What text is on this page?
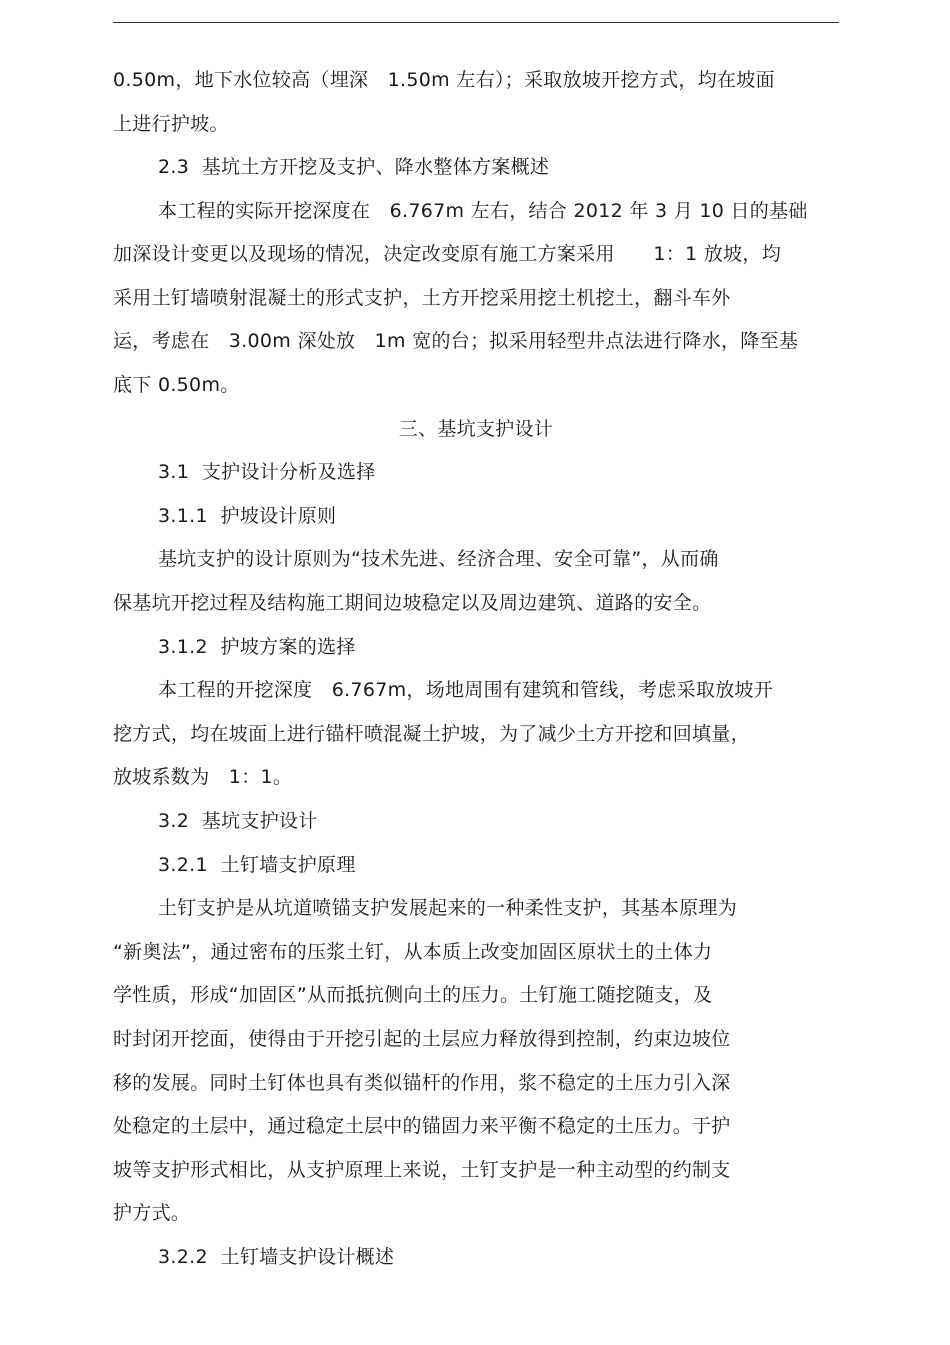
0.50m，地下水位较高（埋深　1.50m 左右）；采取放坡开挖方式，均在坡面
上进行护坡。
2.3  基坑土方开挖及支护、降水整体方案概述
本工程的实际开挖深度在　6.767m 左右，结合 2012 年 3 月 10 日的基础
加深设计变更以及现场的情况，决定改变原有施工方案采用　　1：1 放坡，均
采用土钉墙喷射混凝土的形式支护，土方开挖采用挖土机挖土，翻斗车外
运，考虑在　3.00m 深处放　1m 宽的台；拟采用轻型井点法进行降水，降至基
底下 0.50m。
三、基坑支护设计
3.1  支护设计分析及选择
3.1.1  护坡设计原则
基坑支护的设计原则为“技术先进、经济合理、安全可靠”，从而确
保基坑开挖过程及结构施工期间边坡稳定以及周边建筑、道路的安全。
3.1.2  护坡方案的选择
本工程的开挖深度　6.767m，场地周围有建筑和管线，考虑采取放坡开
挖方式，均在坡面上进行锚杆喷混凝土护坡，为了减少土方开挖和回填量，
放坡系数为　1：1。
3.2  基坑支护设计
3.2.1  土钉墙支护原理
土钉支护是从坑道喷锚支护发展起来的一种柔性支护，其基本原理为
“新奥法”，通过密布的压浆土钉，从本质上改变加固区原状土的土体力
学性质，形成“加固区”从而抵抗侧向土的压力。土钉施工随挖随支，及
时封闭开挖面，使得由于开挖引起的土层应力释放得到控制，约束边坡位
移的发展。同时土钉体也具有类似锚杆的作用，浆不稳定的土压力引入深
处稳定的土层中，通过稳定土层中的锚固力来平衡不稳定的土压力。于护
坡等支护形式相比，从支护原理上来说，土钉支护是一种主动型的约制支
护方式。
3.2.2  土钉墙支护设计概述
